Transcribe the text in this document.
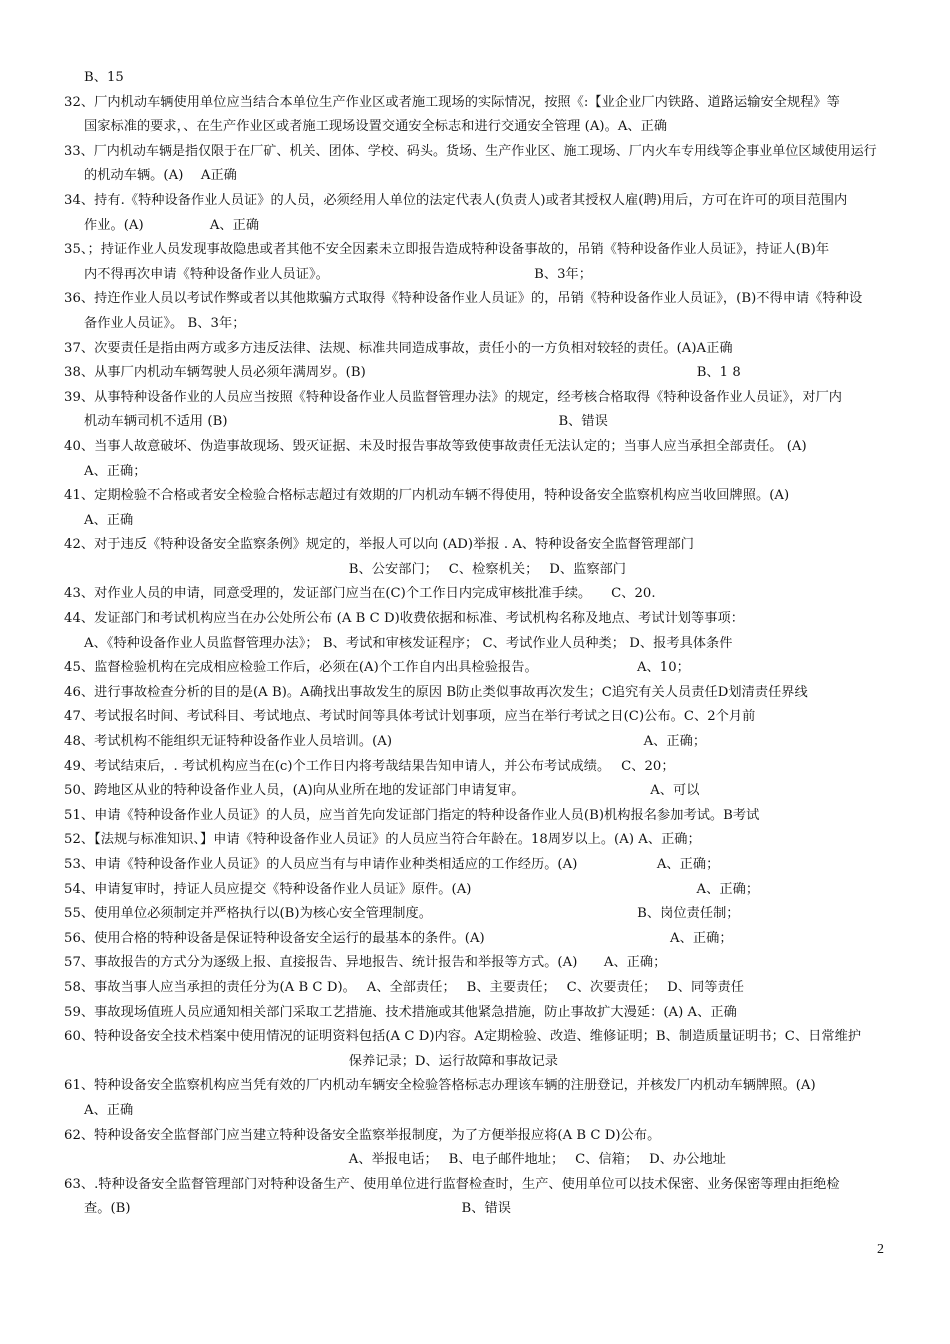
B、15
32、厂内机动车辆使用单位应当结合本单位生产作业区或者施工现场的实际情况，按照《:【业企业厂内铁路、道路运输安全规程》等
国家标准的要求，、在生产作业区或者施工现场设置交通安全标志和进行交通安全管理 (A)。A、正确
33、厂内机动车辆是指仅限于在厂矿、机关、团体、学校、码头。货场、生产作业区、施工现场、厂内火车专用线等企事业单位区域使用运行
的机动车辆。(A)　 A正确
34、持有.《特种设备作业人员证》的人员，必须经用人单位的法定代表人(负责人)或者其授权人雇(聘)用后，方可在许可的项目范围内
作业。(A)　　　　　A、正确
35、；持证作业人员发现事故隐患或者其他不安全因素未立即报告造成特种设备事故的，吊销《特种设备作业人员证》，持证人(B)年
内不得再次申请《特种设备作业人员证》。　　　　　　　　　　　　　　　　B、3年；
36、持迕作业人员以考试作弊或者以其他欺骗方式取得《特种设备作业人员证》的，吊销《特种设备作业人员证》，(B)不得申请《特种设
备作业人员证》。 B、3年；
37、次要责任是指由两方或多方违反法律、法规、标准共同造成事故，责任小的一方负相对较轻的责任。(A)A正确
38、从事厂内机动车辆驾驶人员必须年满周岁。(B)　　　　　　　　　　　　　　　　　　　　　　　　　B、1 8
39、从事特种设备作业的人员应当按照《特种设备作业人员监督管理办法》的规定，经考核合格取得《特种设备作业人员证》，对厂内
机动车辆司机不适用 (B)　　　　　　　　　　　　　　　　　　　　　　　　　B、错误
40、当事人故意破坏、伪造事故现场、毁灭证据、未及时报告事故等致使事故责任无法认定的；当事人应当承担全部责任。 (A)
A、正确；
41、定期检验不合格或者安全检验合格标志超过有效期的厂内机动车辆不得使用，特种设备安全监察机构应当收回牌照。(A)
A、正确
42、对于违反《特种设备安全监察条例》规定的，举报人可以向 (AD)举报 . A、特种设备安全监督管理部门
　　　　　　　　　　　　　　　　　　　　B、公安部门；　 C、检察机关；　 D、监察部门
43、对作业人员的申请，同意受理的，发证部门应当在(C)个工作日内完成审核批准手续。　　C、20.
44、发证部门和考试机构应当在办公处所公布 (A B C D)收费依据和标准、考试机构名称及地点、考试计划等事项：
A、《特种设备作业人员监督管理办法》； B、考试和审核发证程序； C、考试作业人员种类； D、报考具体条件
45、监督检验机构在完成相应检验工作后，必须在(A)个工作自内出具检验报告。　　　　　　　　A、10；
46、进行事故检查分析的目的是(A B)。A确找出事故发生的原因 B防止类似事故再次发生；C追究有关人员责任D划清责任界线
47、考试报名时间、考试科目、考试地点、考试时间等具体考试计划事项，应当在举行考试之日(C)公布。C、2个月前
48、考试机构不能组织无证特种设备作业人员培训。(A)　　　　　　　　　　　　　　　　　　　A、正确；
49、考试结束后，. 考试机构应当在(c)个工作日内将考哉结果告知申请人，并公布考试成绩。　 C、20；
50、跨地区从业的特种设备作业人员，(A)向从业所在地的发证部门申请复审。　　　　　　　　　　A、可以
51、申请《特种设备作业人员证》的人员，应当首先向发证部门指定的特种设备作业人员(B)机构报名参加考试。B考试
52、【法规与标准知识、】申请《特种设备作业人员证》的人员应当符合年龄在。18周岁以上。(A) A、正确；
53、申请《特种设备作业人员证》的人员应当有与申请作业种类相适应的工作经历。(A)　　　　　　A、正确；
54、申请复审时，持证人员应提交《特种设备作业人员证》原件。(A)　　　　　　　　　　　　　　　　　A、正确；
55、使用单位必须制定并严格执行以(B)为核心安全管理制度。　　　　　　　　　　　　　　　　B、岗位责任制；
56、使用合格的特种设备是保证特种设备安全运行的最基本的条件。(A)　　　　　　　　　　　　　　A、正确；
57、事故报告的方式分为逐级上报、直接报告、异地报告、统计报告和举报等方式。(A)　　A、正确；
58、事故当事人应当承担的责任分为(A B C D)。　 A、全部责任；　 B、主要责任；　 C、次要责任；　 D、同等责任
59、事故现场值班人员应通知相关部门采取工艺措施、技术措施或其他紧急措施，防止事故扩大漫延：(A) A、正确
60、特种设备安全技术档案中使用情况的证明资料包括(A C D)内容。A定期检验、改造、维修证明；B、制造质量证明书；C、日常维护
　　　　　　　　　　　　　　　　　　　　保养记录；D、运行故障和事故记录
61、特种设备安全监察机构应当凭有效的厂内机动车辆安全检验答格标志办理该车辆的注册登记，并核发厂内机动车辆牌照。(A)
A、正确
62、特种设备安全监督部门应当建立特种设备安全监察举报制度，为了方便举报应将(A B C D)公布。
　　　　　　　　　　　　　　　　　　　　A、举报电话；　 B、电子邮件地址；　 C、信箱；　 D、办公地址
63、.特种设备安全监督管理部门对特种设备生产、使用单位进行监督检查时，生产、使用单位可以技术保密、业务保密等理由拒绝检
查。(B)　　　　　　　　　　　　　　　　　　　　　　　　　B、错误
2
